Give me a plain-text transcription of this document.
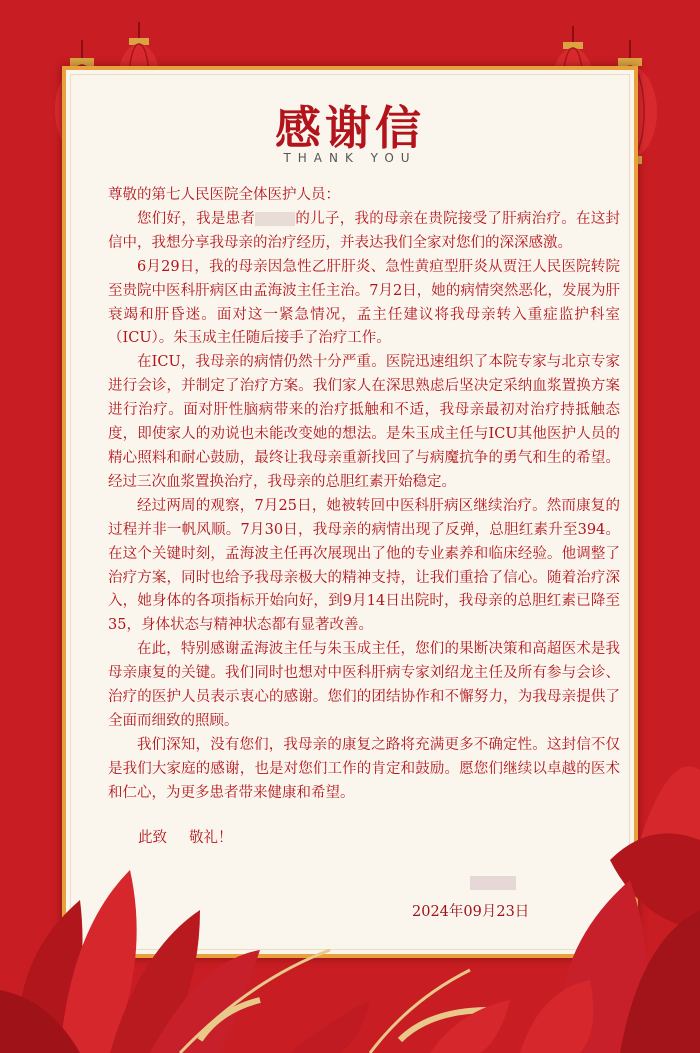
感谢信
THANK YOU

尊敬的第七人民医院全体医护人员：

您们好，我是患者	的儿子，我的母亲在贵院接受了肝病治疗。在这封信中，我想分享我母亲的治疗经历，并表达我们全家对您们的深深感激。

6月29日，我的母亲因急性乙肝肝炎、急性黄疸型肝炎从贾汪人民医院转院至贵院中医科肝病区由孟海波主任主治。7月2日，她的病情突然恶化，发展为肝衰竭和肝昏迷。面对这一紧急情况，孟主任建议将我母亲转入重症监护科室（ICU）。朱玉成主任随后接手了治疗工作。

在ICU，我母亲的病情仍然十分严重。医院迅速组织了本院专家与北京专家进行会诊，并制定了治疗方案。我们家人在深思熟虑后坚决定采纳血浆置换方案进行治疗。面对肝性脑病带来的治疗抵触和不适，我母亲最初对治疗持抵触态度，即使家人的劝说也未能改变她的想法。是朱玉成主任与ICU其他医护人员的精心照料和耐心鼓励，最终让我母亲重新找回了与病魔抗争的勇气和生的希望。经过三次血浆置换治疗，我母亲的总胆红素开始稳定。

经过两周的观察，7月25日，她被转回中医科肝病区继续治疗。然而康复的过程并非一帆风顺。7月30日，我母亲的病情出现了反弹，总胆红素升至394。在这个关键时刻，孟海波主任再次展现出了他的专业素养和临床经验。他调整了治疗方案，同时也给予我母亲极大的精神支持，让我们重拾了信心。随着治疗深入，她身体的各项指标开始向好，到9月14日出院时，我母亲的总胆红素已降至35，身体状态与精神状态都有显著改善。

在此，特别感谢孟海波主任与朱玉成主任，您们的果断决策和高超医术是我母亲康复的关键。我们同时也想对中医科肝病专家刘绍龙主任及所有参与会诊、治疗的医护人员表示衷心的感谢。您们的团结协作和不懈努力，为我母亲提供了全面而细致的照顾。

我们深知，没有您们，我母亲的康复之路将充满更多不确定性。这封信不仅是我们大家庭的感谢，也是对您们工作的肯定和鼓励。愿您们继续以卓越的医术和仁心，为更多患者带来健康和希望。

此致 敬礼！
2024年09月23日
